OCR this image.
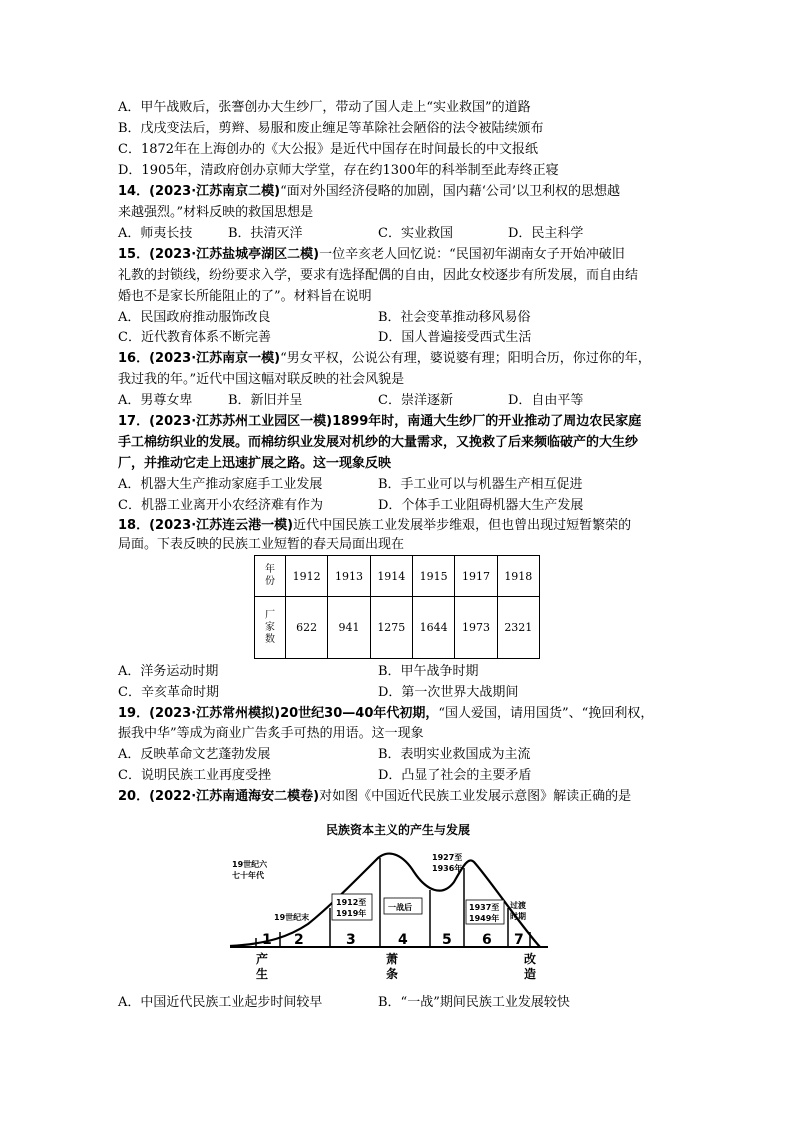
A．甲午战败后，张謇创办大生纱厂，带动了国人走上“实业救国”的道路
B．戊戌变法后，剪辫、易服和废止缠足等革除社会陋俗的法令被陆续颁布
C．1872年在上海创办的《大公报》是近代中国存在时间最长的中文报纸
D．1905年，清政府创办京师大学堂，存在约1300年的科举制至此寿终正寝
14．(2023·江苏南京二模)“面对外国经济侵略的加剧，国内藉‘公司’以卫利权的思想越
来越强烈。”材料反映的救国思想是
A．师夷长技	B．扶清灭洋	C．实业救国	D．民主科学
15．(2023·江苏盐城亭湖区二模)一位辛亥老人回忆说：“民国初年湖南女子开始冲破旧
礼教的封锁线，纷纷要求入学，要求有选择配偶的自由，因此女校逐步有所发展，而自由结
婚也不是家长所能阻止的了”。材料旨在说明
A．民国政府推动服饰改良	B．社会变革推动移风易俗
C．近代教育体系不断完善	D．国人普遍接受西式生活
16．(2023·江苏南京一模)“男女平权，公说公有理，婆说婆有理；阳明合历，你过你的年，
我过我的年。”近代中国这幅对联反映的社会风貌是
A．男尊女卑	B．新旧并呈	C．崇洋逐新	D．自由平等
17．(2023·江苏苏州工业园区一模)1899年时，南通大生纱厂的开业推动了周边农民家庭
手工棉纺织业的发展。而棉纺织业发展对机纱的大量需求，又挽救了后来频临破产的大生纱
厂，并推动它走上迅速扩展之路。这一现象反映
A．机器大生产推动家庭手工业发展	B．手工业可以与机器生产相互促进
C．机器工业离开小农经济难有作为	D．个体手工业阻碍机器大生产发展
18．(2023·江苏连云港一模)近代中国民族工业发展举步维艰，但也曾出现过短暂繁荣的
局面。下表反映的民族工业短暂的春天局面出现在
年
份	1912	1913	1914	1915	1917	1918
厂
家
数	622	941	1275	1644	1973	2321
A．洋务运动时期	B．甲午战争时期
C．辛亥革命时期	D．第一次世界大战期间
19．(2023·江苏常州模拟)20世纪30—40年代初期，“国人爱国，请用国货”、“挽回利权，
振我中华”等成为商业广告炙手可热的用语。这一现象
A．反映革命文艺蓬勃发展	B．表明实业救国成为主流
C．说明民族工业再度受挫	D．凸显了社会的主要矛盾
20．(2022·江苏南通海安二模卷)对如图《中国近代民族工业发展示意图》解读正确的是
民族资本主义的产生与发展
1 2	3	4 5 6 7
19世纪六
七十年代
19世纪末
1912至
1919年
一战后
1927至
1936年
1937至
1949年
过渡
时期
产
生
萧
条
改
造
A．中国近代民族工业起步时间较早	B．“一战”期间民族工业发展较快
